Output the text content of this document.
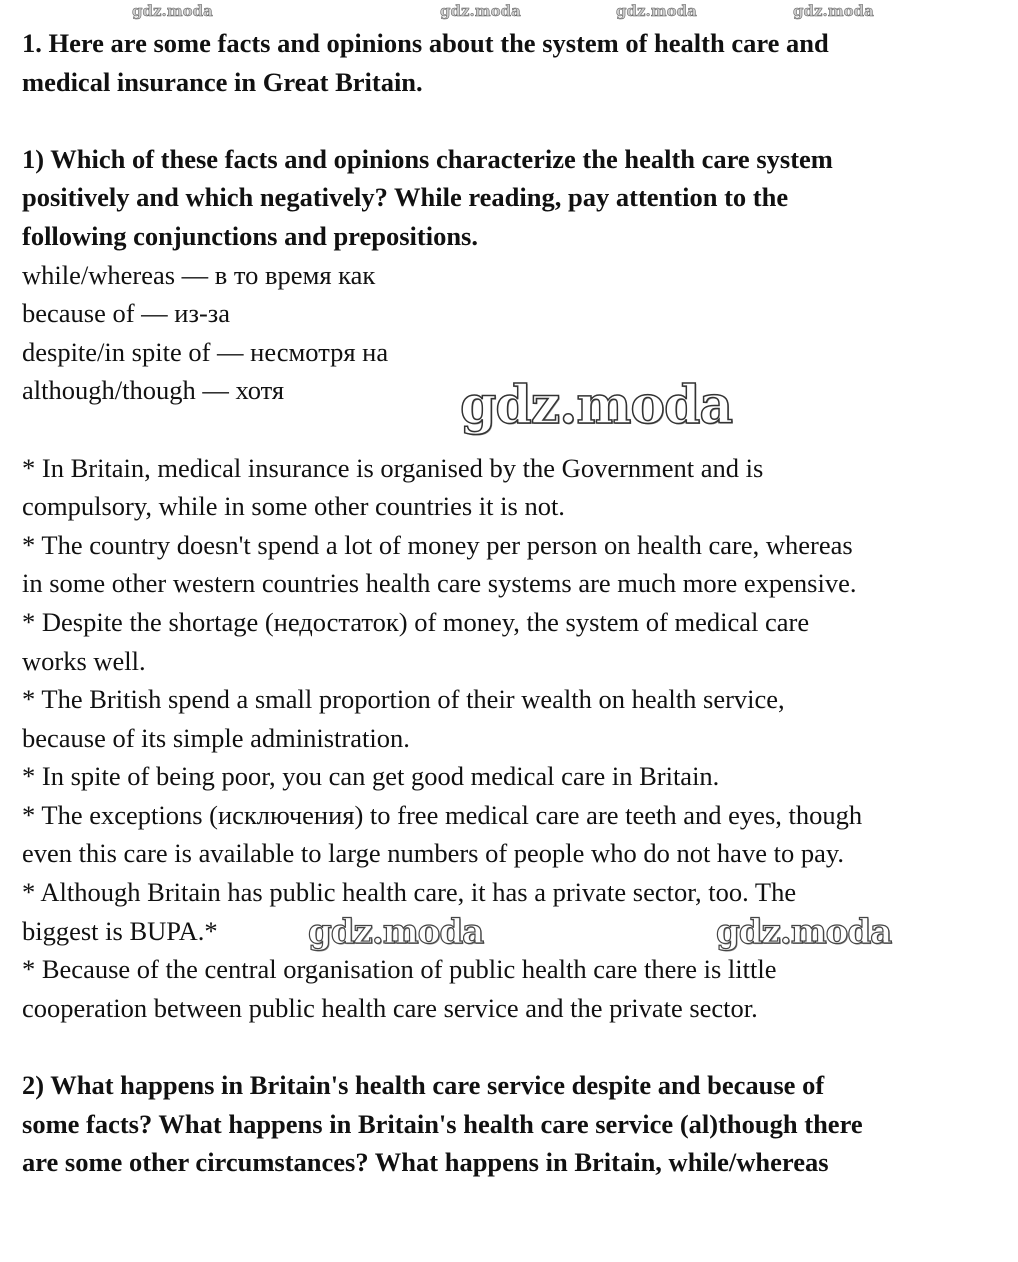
1. Here are some facts and opinions about the system of health care and
medical insurance in Great Britain.
1) Which of these facts and opinions characterize the health care system
positively and which negatively? While reading, pay attention to the
following conjunctions and prepositions.
while/whereas — в то время как
because of — из-за
despite/in spite of — несмотря на
although/though — хотя
* In Britain, medical insurance is organised by the Government and is
compulsory, while in some other countries it is not.
* The country doesn't spend a lot of money per person on health care, whereas
in some other western countries health care systems are much more expensive.
* Despite the shortage (недостаток) of money, the system of medical care
works well.
* The British spend a small proportion of their wealth on health service,
because of its simple administration.
* In spite of being poor, you can get good medical care in Britain.
* The exceptions (исключения) to free medical care are teeth and eyes, though
even this care is available to large numbers of people who do not have to pay.
* Although Britain has public health care, it has a private sector, too. The
biggest is BUPA.*
* Because of the central organisation of public health care there is little
cooperation between public health care service and the private sector.
2) What happens in Britain's health care service despite and because of
some facts? What happens in Britain's health care service (al)though there
are some other circumstances? What happens in Britain, while/whereas
gdz.moda	gdz.moda	gdz.moda	gdz.moda
gdz.moda
gdz.moda	gdz.moda
